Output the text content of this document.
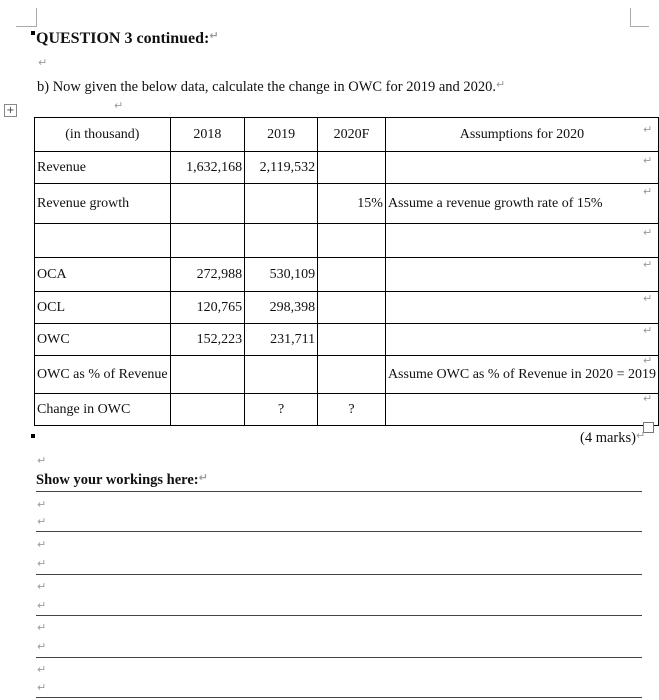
QUESTION 3 continued: ↵
↵
b) Now given the below data, calculate the change in OWC for 2019 and 2020. ↵
↵
+
(in thousand)	2018	2019	2020F	Assumptions for 2020
Revenue	1,632,168	2,119,532		
Revenue growth			15%	Assume a revenue growth rate of 15%

OCA	272,988	530,109		
OCL	120,765	298,398		
OWC	152,223	231,711		
OWC as % of Revenue				Assume OWC as % of Revenue in 2020 = 2019
Change in OWC		?	?	
↵
↵
↵
↵
↵
↵
↵
↵
↵
(4 marks) ↵
↵
Show your workings here: ↵
↵
↵
↵
↵
↵
↵
↵
↵
↵
↵
